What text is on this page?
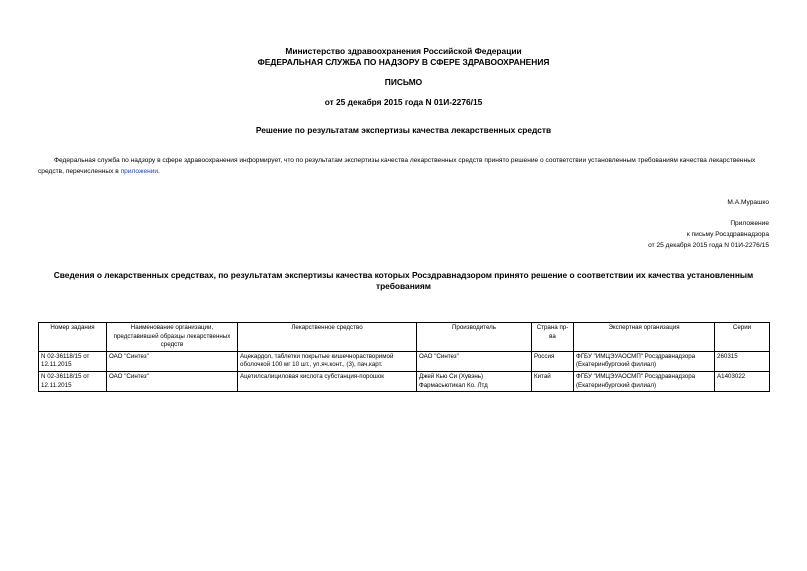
Министерство здравоохранения Российской Федерации
ФЕДЕРАЛЬНАЯ СЛУЖБА ПО НАДЗОРУ В СФЕРЕ ЗДРАВООХРАНЕНИЯ
ПИСЬМО
от 25 декабря 2015 года N 01И-2276/15
Решение по результатам экспертизы качества лекарственных средств
Федеральная служба по надзору в сфере здравоохранения информирует, что по результатам экспертизы качества лекарственных средств принято решение о соответствии установленным требованиям качества лекарственных средств, перечисленных в приложении.
М.А.Мурашко
Приложение
к письму Росздравнадзора
от 25 декабря 2015 года N 01И-2276/15
Сведения о лекарственных средствах, по результатам экспертизы качества которых Росздравнадзором принято решение о соответствии их качества установленным требованиям
Номер задания	Наименование организации, представившей образцы лекарственных средств	Лекарственное средство	Производитель	Страна пр-ва	Экспертная организация	Серии
N 02-36118/15 от 12.11.2015	ОАО "Синтез"	Ацекардол, таблетки покрытые кишечнорастворимой оболочкой 100 мг 10 шт., уп.яч.конт., (3), пач.карт.	ОАО "Синтез"	Россия	ФГБУ "ИМЦЭУАОСМП" Росздравнадзора (Екатеринбургский филиал)	260315
N 02-36118/15 от 12.11.2015	ОАО "Синтез"	Ацетилсалициловая кислота субстанция-порошок	Джей Кью Си (Хувэнь) Фармасьютикал Ко. Лтд	Китай	ФГБУ "ИМЦЭУАОСМП" Росздравнадзора (Екатеринбургский филиал)	А1403022
